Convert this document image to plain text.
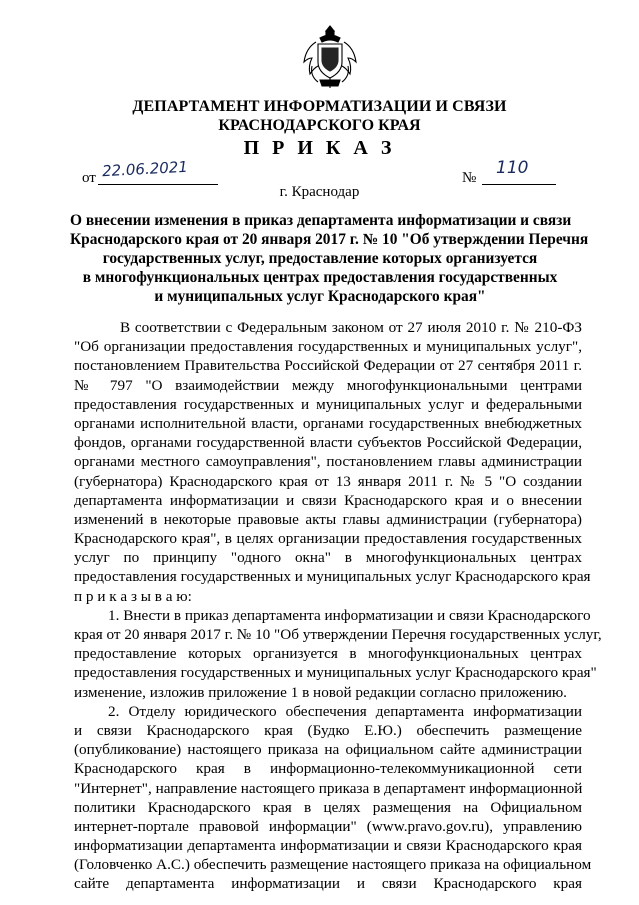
ДЕПАРТАМЕНТ ИНФОРМАТИЗАЦИИ И СВЯЗИ
КРАСНОДАРСКОГО КРАЯ
П Р И К А З
от 22.06.2021	№ 110
г. Краснодар
О внесении изменения в приказ департамента информатизации и связи
Краснодарского края от 20 января 2017 г. № 10 "Об утверждении Перечня
государственных услуг, предоставление которых организуется
в многофункциональных центрах предоставления государственных
и муниципальных услуг Краснодарского края"
В соответствии с Федеральным законом от 27 июля 2010 г. № 210-ФЗ
"Об организации предоставления государственных и муниципальных услуг",
постановлением Правительства Российской Федерации от 27 сентября 2011 г.
№ 797 "О взаимодействии между многофункциональными центрами
предоставления государственных и муниципальных услуг и федеральными
органами исполнительной власти, органами государственных внебюджетных
фондов, органами государственной власти субъектов Российской Федерации,
органами местного самоуправления", постановлением главы администрации
(губернатора) Краснодарского края от 13 января 2011 г. № 5 "О создании
департамента информатизации и связи Краснодарского края и о внесении
изменений в некоторые правовые акты главы администрации (губернатора)
Краснодарского края", в целях организации предоставления государственных
услуг по принципу "одного окна" в многофункциональных центрах
предоставления государственных и муниципальных услуг Краснодарского края
п р и к а з ы в а ю:
1. Внести в приказ департамента информатизации и связи Краснодарского
края от 20 января 2017 г. № 10 "Об утверждении Перечня государственных услуг,
предоставление которых организуется в многофункциональных центрах
предоставления государственных и муниципальных услуг Краснодарского края"
изменение, изложив приложение 1 в новой редакции согласно приложению.
2. Отделу юридического обеспечения департамента информатизации
и связи Краснодарского края (Будко Е.Ю.) обеспечить размещение
(опубликование) настоящего приказа на официальном сайте администрации
Краснодарского края в информационно-телекоммуникационной сети
"Интернет", направление настоящего приказа в департамент информационной
политики Краснодарского края в целях размещения на Официальном
интернет-портале правовой информации" (www.pravo.gov.ru), управлению
информатизации департамента информатизации и связи Краснодарского края
(Головченко А.С.) обеспечить размещение настоящего приказа на официальном
сайте департамента информатизации и связи Краснодарского края
